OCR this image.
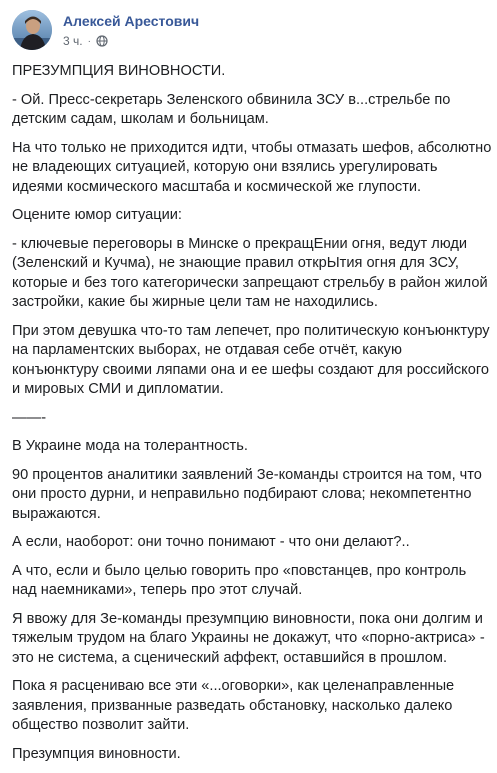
Алексей Арестович
3 ч. ·

ПРЕЗУМПЦИЯ ВИНОВНОСТИ.

- Ой. Пресс-секретарь Зеленского обвинила ЗСУ в...стрельбе по детским садам, школам и больницам.

На что только не приходится идти, чтобы отмазать шефов, абсолютно не владеющих ситуацией, которую они взялись урегулировать идеями космического масштаба и космической же глупости.

Оцените юмор ситуации:

- ключевые переговоры в Минске о прекращЕнии огня, ведут люди (Зеленский и Кучма), не знающие правил открЫтия огня для ЗСУ, которые и без того категорически запрещают стрельбу в район жилой застройки, какие бы жирные цели там не находились.

При этом девушка что-то там лепечет, про политическую конъюнктуру на парламентских выборах, не отдавая себе отчёт, какую конъюнктуру своими ляпами она и ее шефы создают для российского и мировых СМИ и дипломатии.

——-

В Украине мода на толерантность.

90 процентов аналитики заявлений Зе-команды строится на том, что они просто дурни, и неправильно подбирают слова; некомпетентно выражаются.

А если, наоборот: они точно понимают - что они делают?..

А что, если и было целью говорить про «повстанцев, про контроль над наемниками», теперь про этот случай.

Я ввожу для Зе-команды презумпцию виновности, пока они долгим и тяжелым трудом на благо Украины не докажут, что «порно-актриса» - это не система, а сценический аффект, оставшийся в прошлом.

Пока я расцениваю все эти «...оговорки», как целенаправленные заявления, призванные разведать обстановку, насколько далеко общество позволит зайти.

Презумпция виновности.
